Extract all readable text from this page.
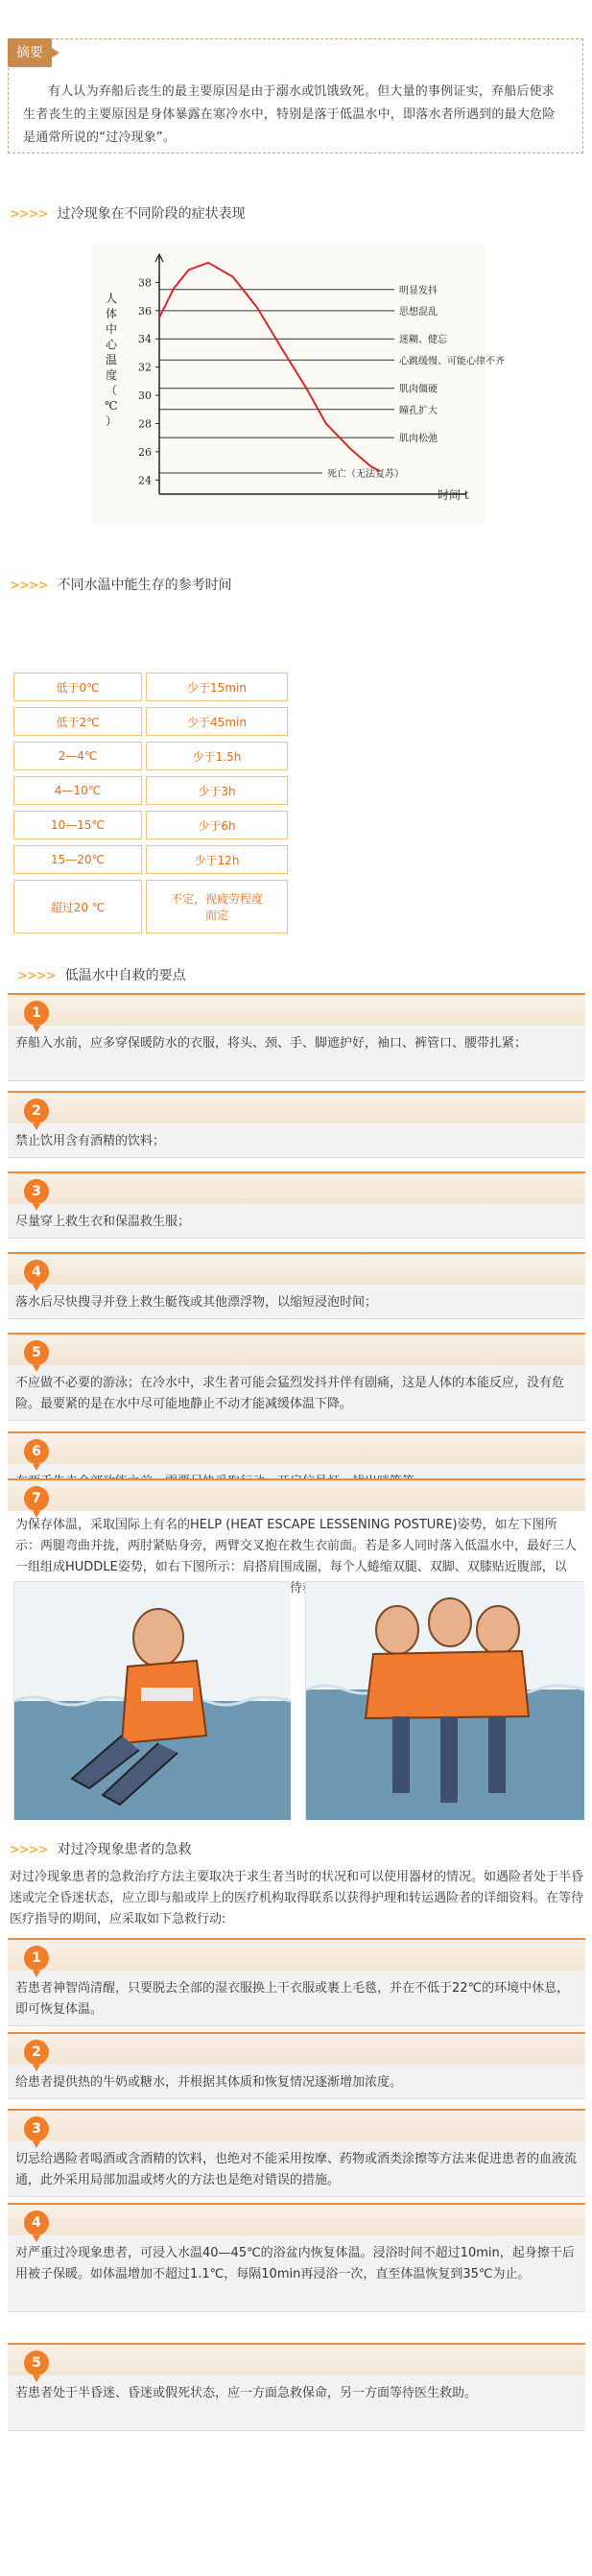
摘要

有人认为弃船后丧生的最主要原因是由于溺水或饥饿致死。但大量的事例证实，弃船后使求生者丧生的主要原因是身体暴露在寒冷水中，特别是落于低温水中，即落水者所遇到的最大危险是通常所说的“过冷现象”。

>>>> 过冷现象在不同阶段的症状表现
24
26
28
30
32
34
36
38
人
体
中
心
温
度
（
℃
）
时间 t
明显发抖
思想混乱
迷糊、健忘
心跳缓慢、可能心律不齐
肌肉僵硬
瞳孔扩大
肌肉松弛
死亡（无法复苏）
>>>> 不同水温中能生存的参考时间
低于0℃	少于15min
低于2℃	少于45min
2—4℃	少于1.5h
4—10℃	少于3h
10—15℃	少于6h
15—20℃	少于12h
超过20 ℃	不定，视疲劳程度而定
>>>> 低温水中自救的要点
1
弃船入水前，应多穿保暖防水的衣服，将头、颈、手、脚遮护好，袖口、裤管口、腰带扎紧；
2
禁止饮用含有酒精的饮料；
3
尽量穿上救生衣和保温救生服；
4
落水后尽快搜寻并登上救生艇筏或其他漂浮物，以缩短浸泡时间；
5
不应做不必要的游泳；在冷水中，求生者可能会猛烈发抖并伴有剧痛，这是人体的本能反应，没有危险。最要紧的是在水中尽可能地静止不动才能减缓体温下降。
6
7
为保存体温，采取国际上有名的HELP (HEAT ESCAPE LESSENING POSTURE)姿势，如左下图所示：两腿弯曲并拢，两肘紧贴身旁，两臂交叉抱在救生衣前面。若是多人同时落入低温水中，最好三人一组组成HUDDLE姿势，如右下图所示：肩搭肩围成圈，每个人蜷缩双腿、双脚、双膝贴近腹部，以 待
>>>> 对过冷现象患者的急救

对过冷现象患者的急救治疗方法主要取决于求生者当时的状况和可以使用器材的情况。如遇险者处于半昏迷或完全昏迷状态，应立即与船或岸上的医疗机构取得联系以获得护理和转运遇险者的详细资料。在等待医疗指导的期间，应采取如下急救行动:

1
若患者神智尚清醒，只要脱去全部的湿衣服换上干衣服或裹上毛毯，并在不低于22℃的环境中休息，即可恢复体温。
2
给患者提供热的牛奶或糖水，并根据其体质和恢复情况逐渐增加浓度。
3
切忌给遇险者喝酒或含酒精的饮料，也绝对不能采用按摩、药物或酒类涂擦等方法来促进患者的血液流通，此外采用局部加温或烤火的方法也是绝对错误的措施。
4
对严重过冷现象患者，可浸入水温40—45℃的浴盆内恢复体温。浸浴时间不超过10min，起身擦干后用被子保暖。如体温增加不超过1.1℃，每隔10min再浸浴一次，直至体温恢复到35℃为止。
5
若患者处于半昏迷、昏迷或假死状态，应一方面急救保命，另一方面等待医生救助。
